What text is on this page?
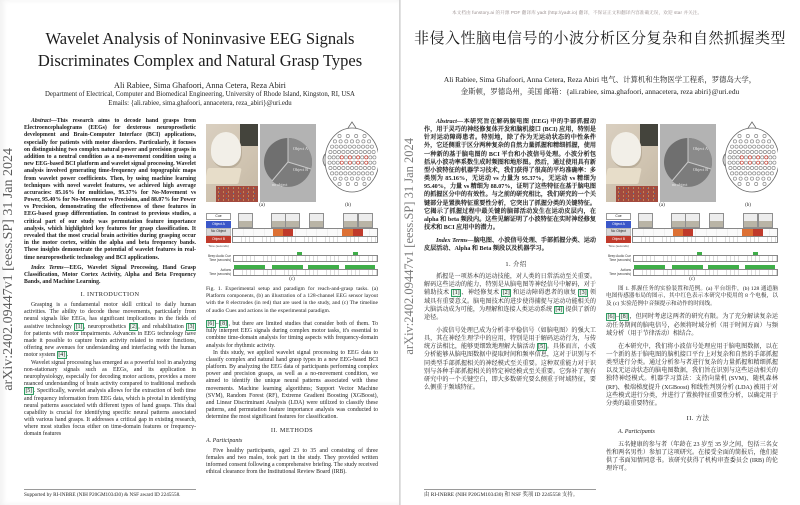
arXiv:2402.09447v1 [eess.SP] 31 Jan 2024
Wavelet Analysis of Noninvasive EEG Signals
Discriminates Complex and Natural Grasp Types
Ali Rabiee, Sima Ghafoori, Anna Cetera, Reza Abiri
Department of Electrical, Computer and Biomedical Engineering, University of Rhode Island, Kingston, RI, USA
Emails: {ali.rabiee, sima.ghafoori, annacetera, reza_abiri}@uri.edu

Abstract—This research aims to decode hand grasps from Electroencephalograms (EEGs) for dexterous neuroprosthetic development and Brain-Computer Interface (BCI) applications, especially for patients with motor disorders. Particularly, it focuses on distinguishing two complex natural power and precision grasps in addition to a neutral condition as a no-movement condition using a new EEG-based BCI platform and wavelet signal processing. Wavelet analysis involved generating time-frequency and topographic maps from wavelet power coefficients. Then, by using machine learning techniques with novel wavelet features, we achieved high average accuracies: 85.16% for multiclass, 95.37% for No-Movement vs Power, 95.40% for No-Movement vs Precision, and 88.07% for Power vs Precision, demonstrating the effectiveness of these features in EEG-based grasp differentiation. In contrast to previous studies, a critical part of our study was permutation feature importance analysis, which highlighted key features for grasp classification. It revealed that the most crucial brain activities during grasping occur in the motor cortex, within the alpha and beta frequency bands. These insights demonstrate the potential of wavelet features in real-time neuroprosthetic technology and BCI applications.

Index Terms—EEG, Wavelet Signal Processing, Hand Grasp Classification, Motor Cortex Activity, Alpha and Beta Frequency Bands, and Machine Learning.

I. INTRODUCTION

Grasping is a fundamental motor skill critical to daily human activities. The ability to decode these movements, particularly from neural signals like EEGs, has significant implications in the fields of assistive technology [1] , neuroprosthetics [2] , and rehabilitation [3] for patients with motor impairments. Advances in EEG technology have made it possible to capture brain activity related to motor functions, offering new avenues for understanding and interfacing with the human motor system [4] .

Wavelet signal processing has emerged as a powerful tool in analyzing non-stationary signals such as EEGs, and its application in neurophysiology, especially for decoding motor actions, provides a more nuanced understanding of brain activity compared to traditional methods [5] . Specifically, wavelet analysis allows for the extraction of both time and frequency information from EEG data, which is pivotal in identifying neural patterns associated with different types of hand grasps. This dual capability is crucial for identifying specific neural patterns associated with various hand grasps. It addresses a critical gap in existing research, where most studies focus either on time-domain features or frequency-domain features

Supported by RI-INBRE (NIH P20GM103430) & NSF award ID 2245558.
Object A
Object B
no object
(a)	(b)
Cue
Object A
No Object
Object B
Time (seconds)
Beep Audio Cue
Time (seconds)
Actions
Time (seconds)
(c)

Fig. 1. Experimental setup and paradigm for reach-and-grasp tasks. (a) Platform components, (b) an illustration of a 128-channel EEG sensor layout with the 8 electrodes (in red) that are used in the study, and (c) The timeline of audio Cues and actions in the experimental paradigm.

[6] – [8] , but there are limited studies that consider both of them. To fully interpret EEG signals during complex motor tasks, it's essential to combine time-domain analysis for timing aspects with frequency-domain analysis for rhythmic activity.

In this study, we applied wavelet signal processing to EEG data to classify complex and natural hand grasp types in a new EEG-based BCI platform. By analyzing the EEG data of participants performing complex power and precision grasps, as well as a no-movement condition, we aimed to identify the unique neural patterns associated with these movements. Machine learning algorithms; Support Vector Machine (SVM), Random Forest (RF), Extreme Gradient Boosting (XGBoost), and Linear Discriminant Analysis (LDA) were utilized to classify these patterns, and permutation feature importance analysis was conducted to determine the most significant features for classification.

II. METHODS

A. Participants

Five healthy participants, aged 23 to 35 and consisting of three females and two males, took part in the study. They provided written informed consent following a comprehensive briefing. The study received ethical clearance from the Institutional Review Board (IRB).

本文档由 funstory.ai 的开源 PDF 翻译库 yadt (http://yadt.io) 翻译，不保证正文和翻译内容准确无误，欢迎 star 并关注。
arXiv:2402.09447v1 [eess.SP] 31 Jan 2024
非侵入性脑电信号的小波分析区分复杂和自然抓握类型
Ali Rabiee, Sima Ghafoori, Anna Cetera, Reza Abiri 电气、计算机和生物医学工程系，罗德岛大学，金斯顿，罗德岛州，美国 邮箱：{ali.rabiee, sima.ghafoori, annacetera, reza abiri}@uri.edu

Abstract—本研究旨在解码脑电图 (EEG) 中的手部抓握动作，用于灵巧的神经修复体开发和脑机接口 (BCI) 应用，特别是针对运动障碍患者。特别地，除了作为无运动状态的中性条件外，它还侧重于区分两种复杂的自然力量抓握和精细抓握，使用一种新的基于脑电图的 BCI 平台和小波信号处理。小波分析包括从小波功率系数生成时频图和地形图。然后，通过使用具有新型小波特征的机器学习技术，我们获得了很高的平均准确率：多类别为 85.16%，无运动 vs 力量为 95.37%，无运动 vs 精细为 95.40%，力量 vs 精细为 88.07%，证明了这些特征在基于脑电图的抓握区分中的有效性。与之前的研究相比，我们研究的一个关键部分是置换特征重要性分析，它突出了抓握分类的关键特征。它揭示了抓握过程中最关键的脑部活动发生在运动皮层内，在 alpha 和 beta 频段内。这些见解证明了小波特征在实时神经修复技术和 BCI 应用中的潜力。

Index Terms—脑电图、小波信号处理、手部抓握分类、运动皮层活动、Alpha 和 Beta 频段以及机器学习。

1. 介绍

抓握是一项基本的运动技能，对人类的日常活动至关重要。解码这些运动的能力，特别是从脑电图等神经信号中解码，对于辅助技术 [1] 、神经修复术 [2] 和运动障碍患者的康复 [3] 领域具有重要意义。脑电图技术的进步使得捕捉与运动功能相关的大脑活动成为可能，为理解和连接人类运动系统 [4] 提供了新的途径。

小波信号处理已成为分析非平稳信号（如脑电图）的强大工具，其在神经生理学中的应用，特别是用于解码运动行为，与传统方法相比，能够更细致地理解大脑活动 [5] 。具体而言，小波分析能够从脑电图数据中提取时间和频率信息，这对于识别与不同类型手部抓握相关的神经模式至关重要。这种双重能力对于识别与各种手部抓握相关的特定神经模式至关重要。它弥补了现有研究中的一个关键空白，即大多数研究要么侧重于时域特征，要么侧重于频域特征。

由 RI-INBRE (NIH P20GM103430) 和 NSF 奖项 ID 2245558 支持。
Object A
Object B
no object
(a)	(b)
Cue
Object A
No Object
Object B
Time (seconds)
Beep Audio Cue
Time (seconds)
Actions
Time (seconds)
(c)

图 1. 抓握任务的实验装置和范例。(a) 平台组件，(b) 128 通道脑电图传感器布局的图示，其中红色表示本研究中使用的 8 个电极，以及 (c) 实验范例中音频提示和动作的时间线。

[6] – [8] ，但同时考虑这两者的研究有限。为了充分解读复杂运动任务期间的脑电信号，必须将时域分析（用于时间方面）与频域分析（用于节律活动）相结合。

在本研究中，我们将小波信号处理应用于脑电图数据，以在一个新的基于脑电图的脑机接口平台上对复杂和自然的手部抓握类型进行分类。通过分析参与者进行复杂的力量抓握和精细抓握以及无运动状态的脑电图数据，我们旨在识别与这些运动相关的独特神经模式。机器学习算法：支持向量机 (SVM)、随机森林 (RF)、极端梯度提升 (XGBoost) 和线性判别分析 (LDA) 被用于对这些模式进行分类，并进行了置换特征重要性分析，以确定用于分类的最重要特征。

II. 方法

A. Participants

五名健康的参与者（年龄在 23 岁至 35 岁之间，包括三名女性和两名男性）参加了这项研究。在接受全面的简报后，他们提供了书面知情同意书。该研究获得了机构审查委员会 (IRB) 的伦理许可。
